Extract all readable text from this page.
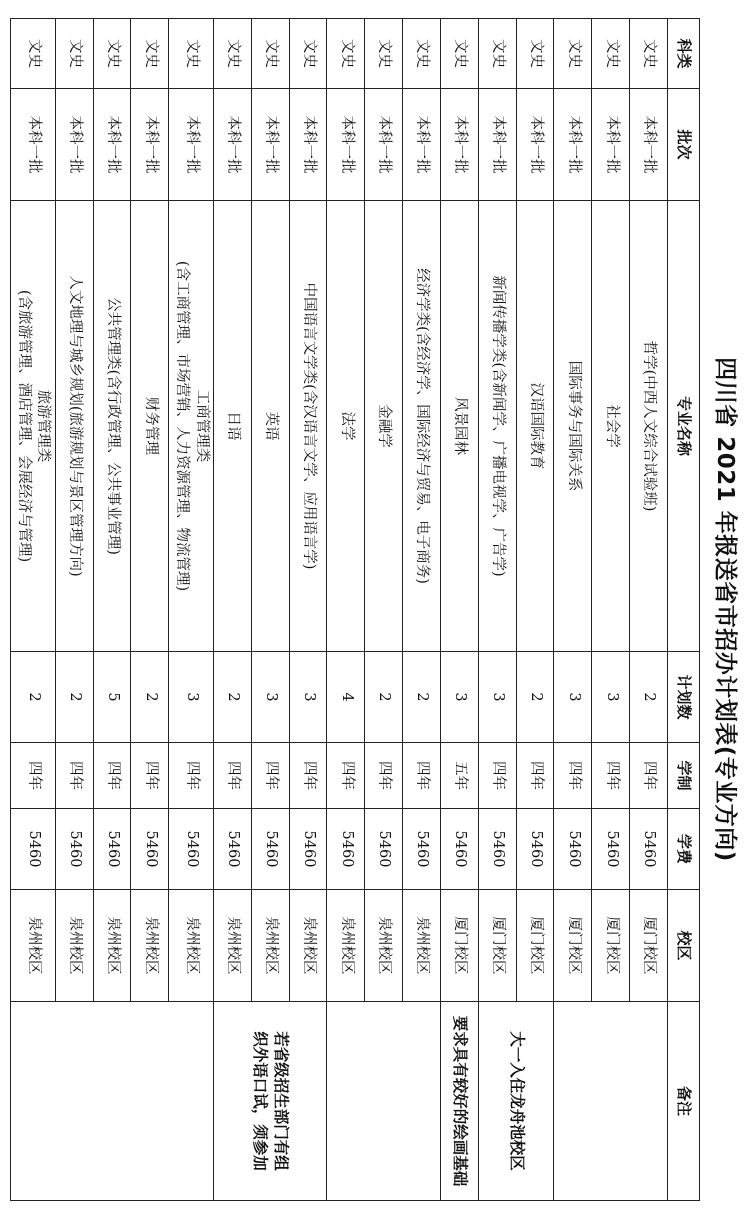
四川省 2021 年报送省市招办计划表(专业方向)
科类	批次	专业名称	计划数	学制	学费	校区	备注
文史	本科一批	哲学(中西人文综合试验班)	2	四年	5460	厦门校区	
文史	本科一批	社会学	3	四年	5460	厦门校区	
文史	本科一批	国际事务与国际关系	3	四年	5460	厦门校区	
文史	本科一批	汉语国际教育	2	四年	5460	厦门校区	大一入住龙舟池校区

文史	本科一批	新闻传播学类(含新闻学、广播电视学、广告学)	3	四年	5460	厦门校区	
文史	本科一批	风景园林	3	五年	5460	厦门校区	要求具有较好的绘画基础

文史	本科一批	经济学类(含经济学、国际经济与贸易、电子商务)	2	四年	5460	泉州校区	
文史	本科一批	金融学	2	四年	5460	泉州校区	
文史	本科一批	法学	4	四年	5460	泉州校区	
文史	本科一批	中国语言文学类(含汉语言文学、应用语言学)	3	四年	5460	泉州校区	若省级招生部门有组
织外语口试，须参加

文史	本科一批	英语	3	四年	5460	泉州校区	
文史	本科一批	日语	2	四年	5460	泉州校区	
文史	本科一批	工商管理类
(含工商管理、市场营销、人力资源管理、物流管理)	3	四年	5460	泉州校区	
文史	本科一批	财务管理	2	四年	5460	泉州校区	
文史	本科一批	公共管理类(含行政管理、公共事业管理)	5	四年	5460	泉州校区	
文史	本科一批	人文地理与城乡规划(旅游规划与景区管理方向)	2	四年	5460	泉州校区	
文史	本科一批	旅游管理类
(含旅游管理、酒店管理、会展经济与管理)	2	四年	5460	泉州校区	
